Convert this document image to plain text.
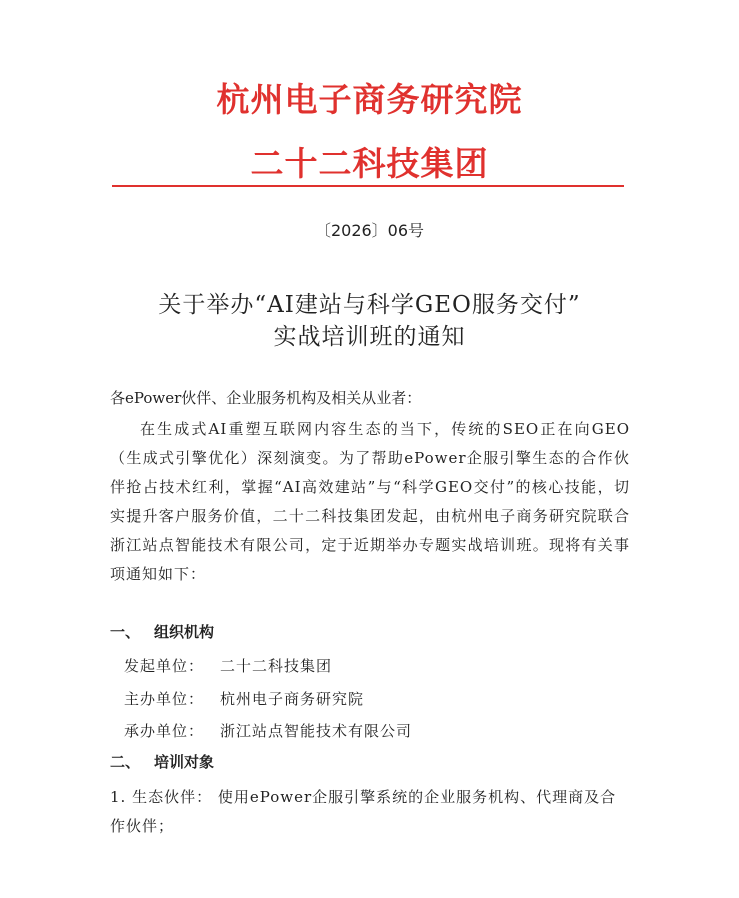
杭州电子商务研究院
二十二科技集团
〔2026〕06号
关于举办“AI建站与科学GEO服务交付”
实战培训班的通知
各ePower伙伴、企业服务机构及相关从业者：
在生成式AI重塑互联网内容生态的当下，传统的SEO正在向GEO（生成式引擎优化）深刻演变。为了帮助ePower企服引擎生态的合作伙伴抢占技术红利，掌握“AI高效建站”与“科学GEO交付”的核心技能，切实提升客户服务价值，二十二科技集团发起，由杭州电子商务研究院联合浙江站点智能技术有限公司，定于近期举办专题实战培训班。现将有关事项通知如下：
一、 组织机构
发起单位： 二十二科技集团
主办单位： 杭州电子商务研究院
承办单位： 浙江站点智能技术有限公司
二、 培训对象
1. 生态伙伴： 使用ePower企服引擎系统的企业服务机构、代理商及合作伙伴；
